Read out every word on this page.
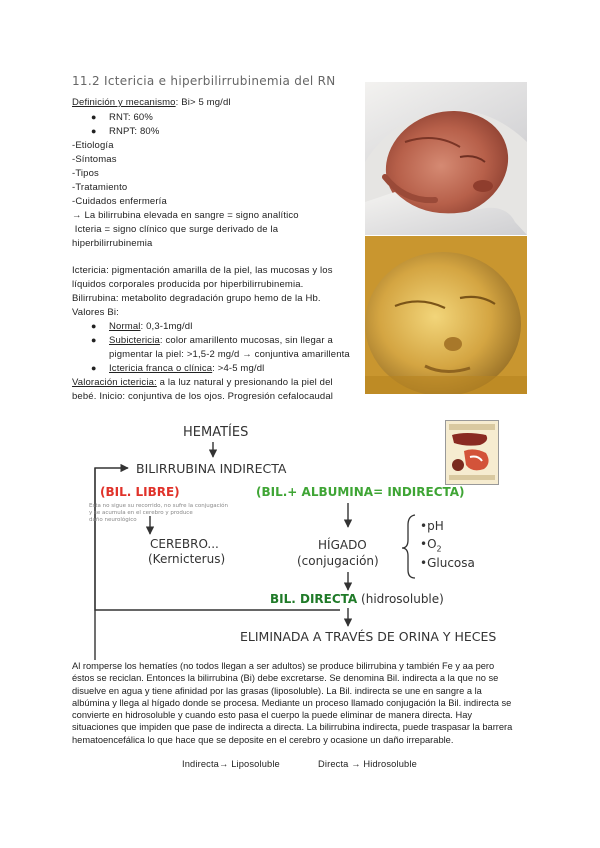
11.2 Ictericia e hiperbilirrubinemia del RN
Definición y mecanismo: Bi> 5 mg/dl
● RNT: 60%
● RNPT: 80%
-Etiología
-Síntomas
-Tipos
-Tratamiento
-Cuidados enfermería
→ La bilirrubina elevada en sangre = signo analítico
Icteria = signo clínico que surge derivado de la
hiperbilirrubinemia
Ictericia: pigmentación amarilla de la piel, las mucosas y los
líquidos corporales producida por hiperbilirrubinemia.
Bilirrubina: metabolito degradación grupo hemo de la Hb.
Valores Bi:
● Normal: 0,3-1mg/dl
● Subictericia: color amarillento mucosas, sin llegar a
pigmentar la piel: >1,5-2 mg/d → conjuntiva amarillenta
● Ictericia franca o clínica: >4-5 mg/dl
Valoración ictericia: a la luz natural y presionando la piel del
bebé. Inicio: conjuntiva de los ojos. Progresión cefalocaudal
HEMATÍES
BILIRRUBINA INDIRECTA
(BIL. LIBRE)	(BIL.+ ALBUMINA= INDIRECTA)
Esta no sigue su recorrido, no sufre la conjugación
y se acumula en el cerebro y produce
daño neurológico
CEREBRO...
(Kernicterus)
HÍGADO
(conjugación)
•pH
$•O_2$
•Glucosa
BIL. DIRECTA (hidrosoluble)
ELIMINADA A TRAVÉS DE ORINA Y HECES
Al romperse los hematíes (no todos llegan a ser adultos) se produce bilirrubina y también Fe y aa pero
éstos se reciclan. Entonces la bilirrubina (Bi) debe excretarse. Se denomina Bil. indirecta a la que no se
disuelve en agua y tiene afinidad por las grasas (liposoluble). La Bil. indirecta se une en sangre a la
albúmina y llega al hígado donde se procesa. Mediante un proceso llamado conjugación la Bil. indirecta se
convierte en hidrosoluble y cuando esto pasa el cuerpo la puede eliminar de manera directa. Hay
situaciones que impiden que pase de indirecta a directa. La bilirrubina indirecta, puede traspasar la barrera
hematoencefálica lo que hace que se deposite en el cerebro y ocasione un daño irreparable.
Indirecta→ Liposoluble	Directa → Hidrosoluble
